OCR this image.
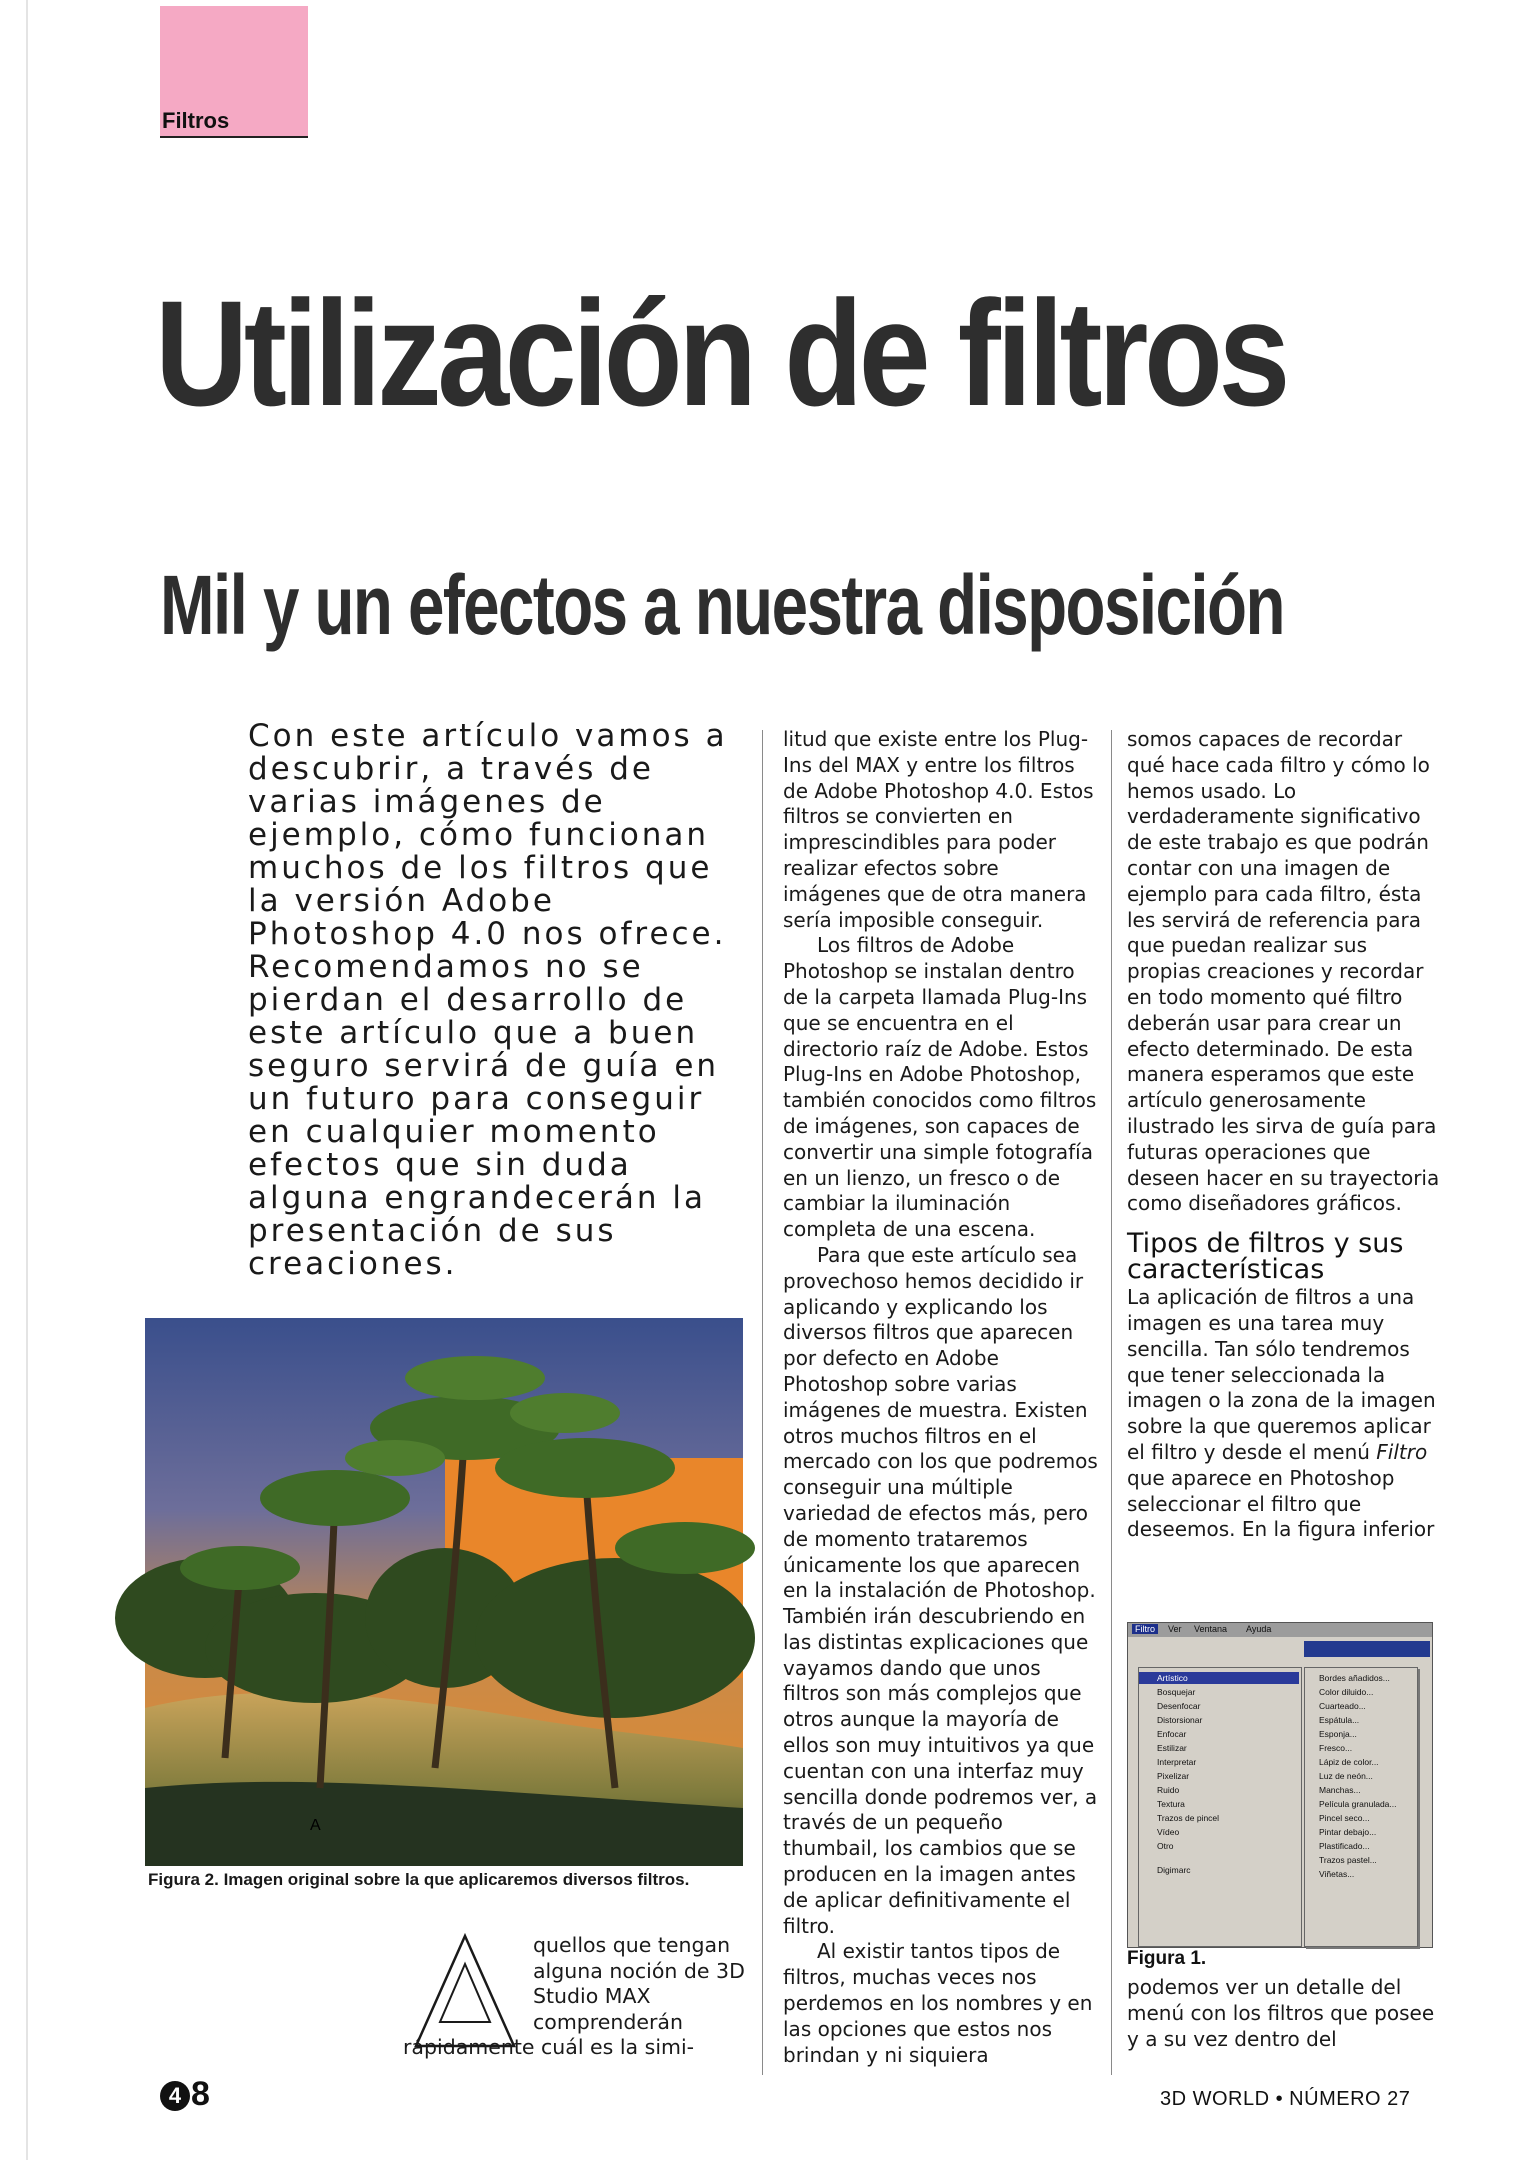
Filtros
Utilización de filtros
Mil y un efectos a nuestra disposición

Con este artículo vamos a descubrir, a través de varias imágenes de ejemplo, cómo funcionan muchos de los filtros que la versión Adobe Photoshop 4.0 nos ofrece. Recomendamos no se pierdan el desarrollo de este artículo que a buen seguro servirá de guía en un futuro para conseguir en cualquier momento efectos que sin duda alguna engrandecerán la presentación de sus creaciones.

Figura 2. Imagen original sobre la que aplicaremos diversos filtros.

A

quellos que tengan alguna noción de 3D Studio MAX comprenderán

rápidamente cuál es la simi-

litud que existe entre los Plug-Ins del MAX y entre los filtros de Adobe Photoshop 4.0. Estos filtros se convierten en imprescindibles para poder realizar efectos sobre imágenes que de otra manera sería imposible conseguir.

Los filtros de Adobe Photoshop se instalan dentro de la carpeta llamada Plug-Ins que se encuentra en el directorio raíz de Adobe. Estos Plug-Ins en Adobe Photoshop, también conocidos como filtros de imágenes, son capaces de convertir una simple fotografía en un lienzo, un fresco o de cambiar la iluminación completa de una escena.

Para que este artículo sea provechoso hemos decidido ir aplicando y explicando los diversos filtros que aparecen por defecto en Adobe Photoshop sobre varias imágenes de muestra. Existen otros muchos filtros en el mercado con los que podremos conseguir una múltiple variedad de efectos más, pero de momento trataremos únicamente los que aparecen en la instalación de Photoshop. También irán descubriendo en las distintas explicaciones que vayamos dando que unos filtros son más complejos que otros aunque la mayoría de ellos son muy intuitivos ya que cuentan con una interfaz muy sencilla donde podremos ver, a través de un pequeño thumbail, los cambios que se producen en la imagen antes de aplicar definitivamente el filtro.

Al existir tantos tipos de filtros, muchas veces nos perdemos en los nombres y en las opciones que estos nos brindan y ni siquiera

somos capaces de recordar qué hace cada filtro y cómo lo hemos usado. Lo verdaderamente significativo de este trabajo es que podrán contar con una imagen de ejemplo para cada filtro, ésta les servirá de referencia para que puedan realizar sus propias creaciones y recordar en todo momento qué filtro deberán usar para crear un efecto determinado. De esta manera esperamos que este artículo generosamente ilustrado les sirva de guía para futuras operaciones que deseen hacer en su trayectoria como diseñadores gráficos.

Tipos de filtros y sus características

La aplicación de filtros a una imagen es una tarea muy sencilla. Tan sólo tendremos que tener seleccionada la imagen o la zona de la imagen sobre la que queremos aplicar el filtro y desde el menú Filtro que aparece en Photoshop seleccionar el filtro que deseemos. En la figura inferior

Filtro	Ver Ventana Ayuda
Artístico
Bosquejar
Desenfocar
Distorsionar
Enfocar
Estilizar
Interpretar
Pixelizar
Ruido
Textura
Trazos de pincel
Vídeo
Otro
Digimarc
Bordes añadidos...
Color diluido...
Cuarteado...
Espátula...
Esponja...
Fresco...
Lápiz de color...
Luz de neón...
Manchas...
Película granulada...
Pincel seco...
Pintar debajo...
Plastificado...
Trazos pastel...
Viñetas...

Figura 1.

podemos ver un detalle del menú con los filtros que posee y a su vez dentro del

4 8	3D WORLD • NÚMERO 27
